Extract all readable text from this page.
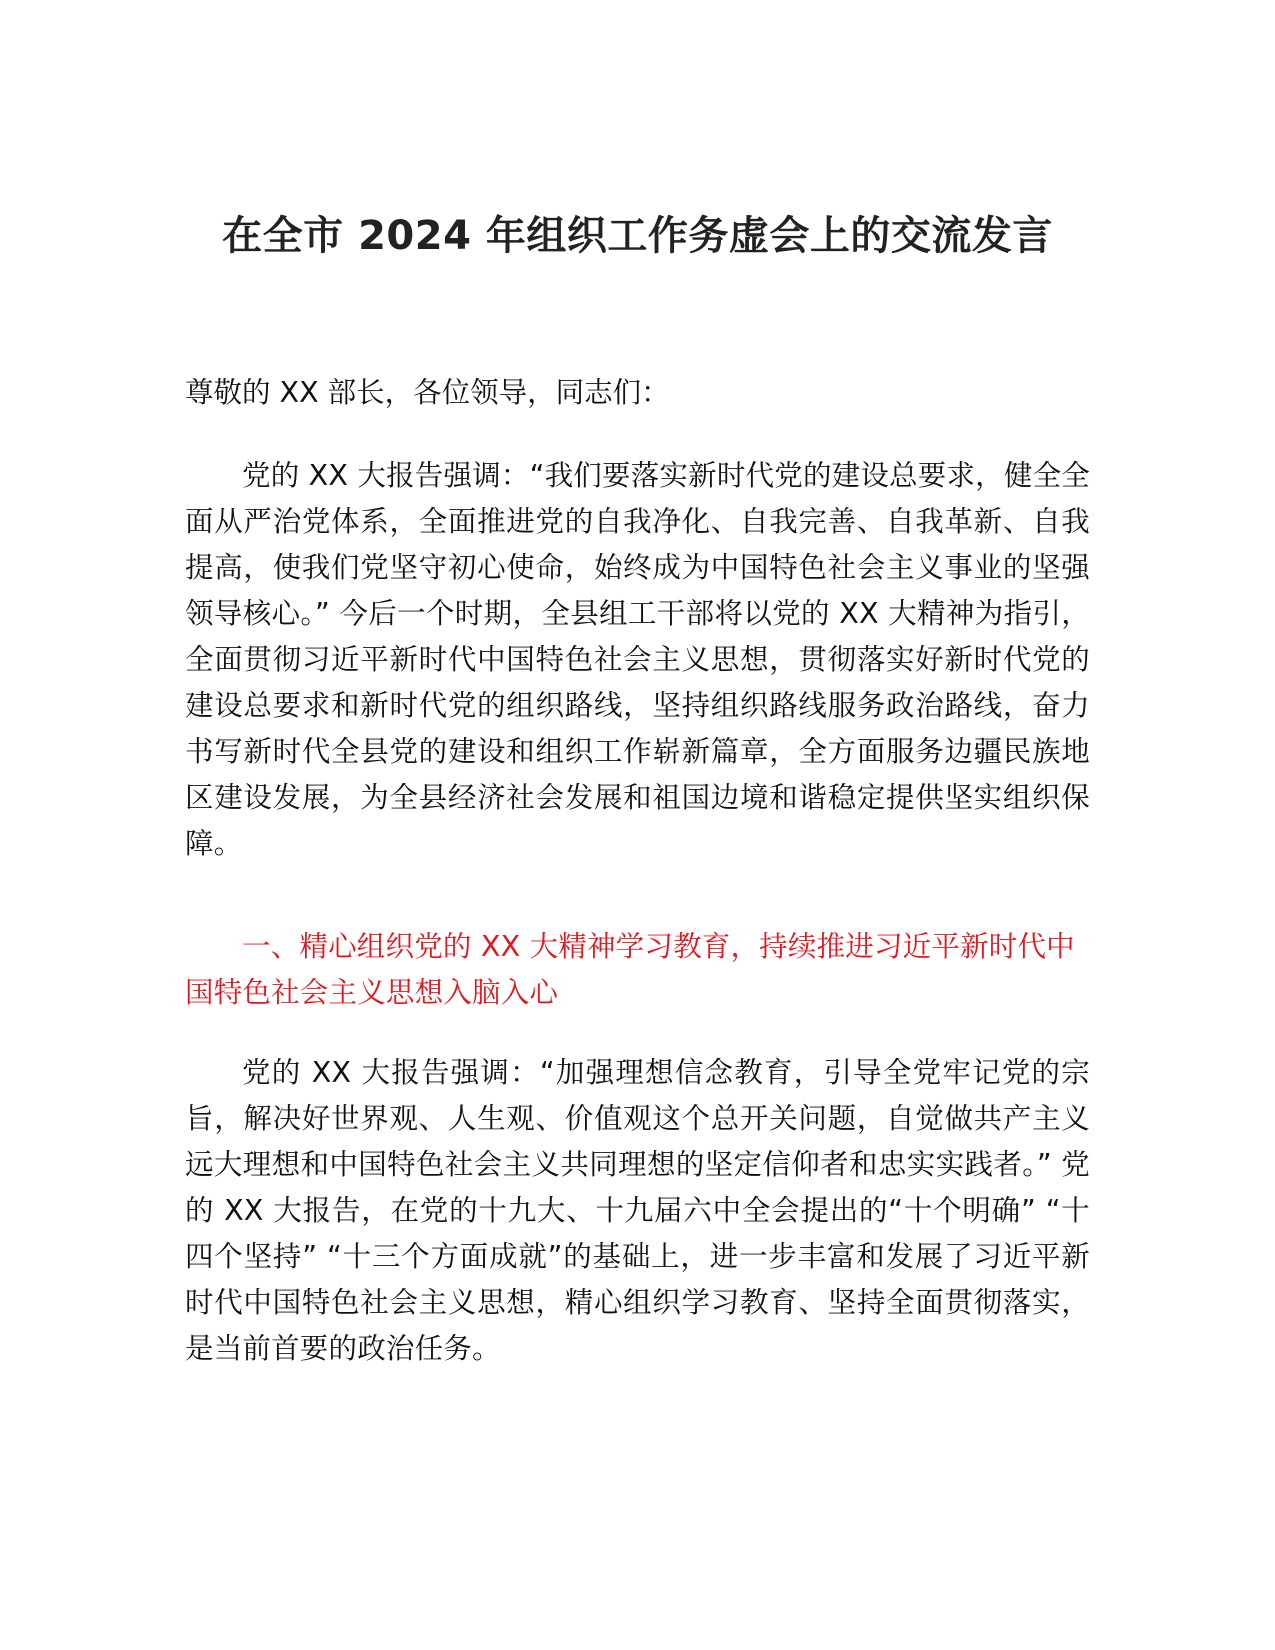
在全市 2024 年组织工作务虚会上的交流发言

尊敬的 XX 部长，各位领导，同志们：

党的 XX 大报告强调：“我们要落实新时代党的建设总要求，健全全面从严治党体系，全面推进党的自我净化、自我完善、自我革新、自我提高，使我们党坚守初心使命，始终成为中国特色社会主义事业的坚强领导核心。” 今后一个时期，全县组工干部将以党的 XX 大精神为指引，全面贯彻习近平新时代中国特色社会主义思想，贯彻落实好新时代党的建设总要求和新时代党的组织路线，坚持组织路线服务政治路线，奋力书写新时代全县党的建设和组织工作崭新篇章，全方面服务边疆民族地区建设发展，为全县经济社会发展和祖国边境和谐稳定提供坚实组织保障。

一、精心组织党的 XX 大精神学习教育，持续推进习近平新时代中国特色社会主义思想入脑入心

党的 XX 大报告强调：“加强理想信念教育，引导全党牢记党的宗旨，解决好世界观、人生观、价值观这个总开关问题，自觉做共产主义远大理想和中国特色社会主义共同理想的坚定信仰者和忠实实践者。” 党的 XX 大报告，在党的十九大、十九届六中全会提出的“十个明确” “十四个坚持” “十三个方面成就”的基础上，进一步丰富和发展了习近平新时代中国特色社会主义思想，精心组织学习教育、坚持全面贯彻落实，是当前首要的政治任务。
